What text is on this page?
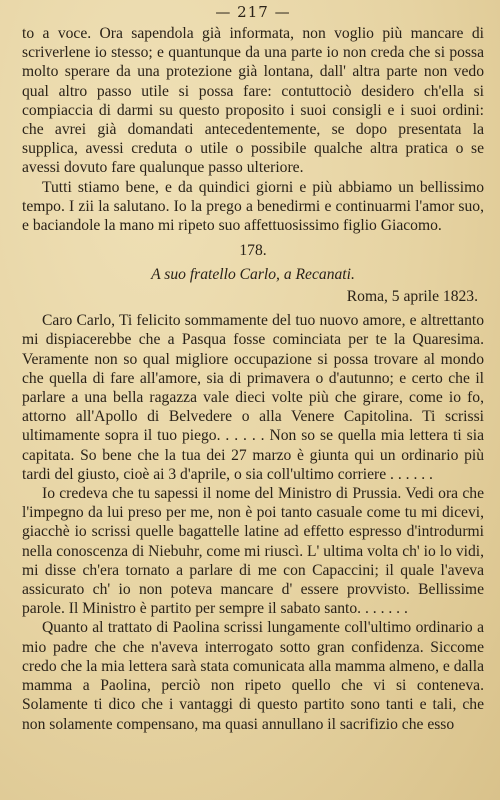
— 217 —

to a voce. Ora sapendola già informata, non voglio più mancare di scriverlene io stesso; e quantunque da una parte io non creda che si possa molto sperare da una protezione già lontana, dall' altra parte non vedo qual altro passo utile si possa fare: contuttociò desidero ch'ella si compiaccia di darmi su questo proposito i suoi consigli e i suoi ordini: che avrei già domandati antecedentemente, se dopo presentata la supplica, avessi creduta o utile o possibile qualche altra pratica o se avessi dovuto fare qualunque passo ulteriore.

Tutti stiamo bene, e da quindici giorni e più abbiamo un bellissimo tempo. I zii la salutano. Io la prego a benedirmi e continuarmi l'amor suo, e baciandole la mano mi ripeto suo affettuosissimo figlio Giacomo.

178.
A suo fratello Carlo, a Recanati.
Roma, 5 aprile 1823.

Caro Carlo, Ti felicito sommamente del tuo nuovo amore, e altrettanto mi dispiacerebbe che a Pasqua fosse cominciata per te la Quaresima. Veramente non so qual migliore occupazione si possa trovare al mondo che quella di fare all'amore, sia di primavera o d'autunno; e certo che il parlare a una bella ragazza vale dieci volte più che girare, come io fo, attorno all'Apollo di Belvedere o alla Venere Capitolina. Ti scrissi ultimamente sopra il tuo piego. . . . . . Non so se quella mia lettera ti sia capitata. So bene che la tua dei 27 marzo è giunta qui un ordinario più tardi del giusto, cioè ai 3 d'aprile, o sia coll'ultimo corriere . . . . . .

Io credeva che tu sapessi il nome del Ministro di Prussia. Vedi ora che l'impegno da lui preso per me, non è poi tanto casuale come tu mi dicevi, giacchè io scrissi quelle bagattelle latine ad effetto espresso d'introdurmi nella conoscenza di Niebuhr, come mi riuscì. L' ultima volta ch' io lo vidi, mi disse ch'era tornato a parlare di me con Capaccini; il quale l'aveva assicurato ch' io non poteva mancare d' essere provvisto. Bellissime parole. Il Ministro è partito per sempre il sabato santo. . . . . . .

Quanto al trattato di Paolina scrissi lungamente coll'ultimo ordinario a mio padre che che n'aveva interrogato sotto gran confidenza. Siccome credo che la mia lettera sarà stata comunicata alla mamma almeno, e dalla mamma a Paolina, perciò non ripeto quello che vi si conteneva. Solamente ti dico che i vantaggi di questo partito sono tanti e tali, che non solamente compensano, ma quasi annullano il sacrifizio che esso
